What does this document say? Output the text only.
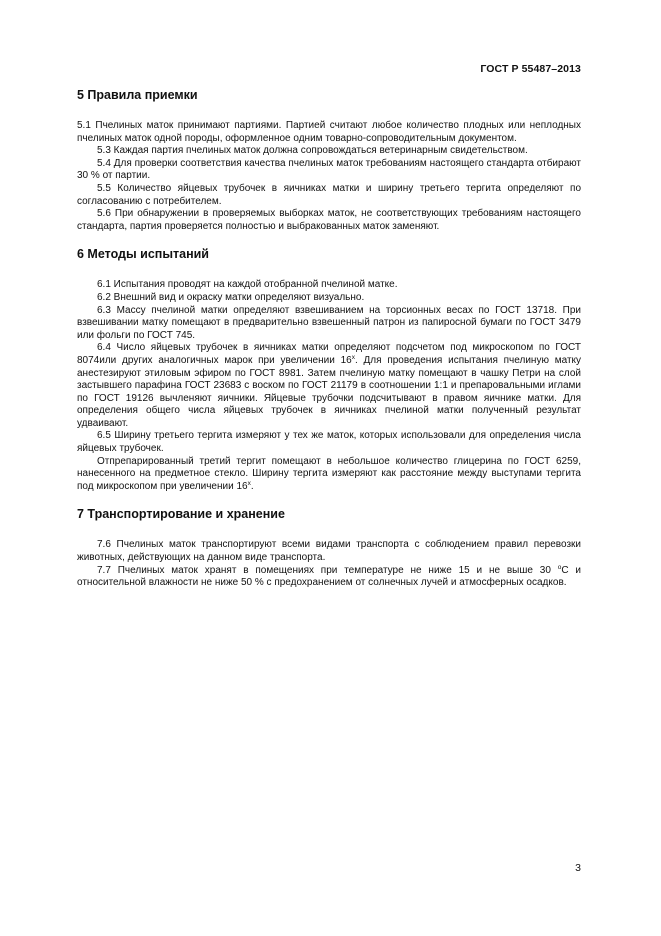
ГОСТ Р 55487–2013
5 Правила приемки

5.1 Пчелиных маток принимают партиями. Партией считают любое количество плодных или неплодных пчелиных маток одной породы, оформленное одним товарно-сопроводительным документом.

5.3 Каждая партия пчелиных маток должна сопровождаться ветеринарным свидетельством.

5.4 Для проверки соответствия качества пчелиных маток требованиям настоящего стандарта отбирают 30 % от партии.

5.5 Количество яйцевых трубочек в яичниках матки и ширину третьего тергита определяют по согласованию с потребителем.

5.6 При обнаружении в проверяемых выборках маток, не соответствующих требованиям настоящего стандарта, партия проверяется полностью и выбракованных маток заменяют.

6 Методы испытаний

6.1 Испытания проводят на каждой отобранной пчелиной матке.

6.2 Внешний вид и окраску матки определяют визуально.

6.3 Массу пчелиной матки определяют взвешиванием на торсионных весах по ГОСТ 13718. При взвешивании матку помещают в предварительно взвешенный патрон из папиросной бумаги по ГОСТ 3479 или фольги по ГОСТ 745.

6.4 Число яйцевых трубочек в яичниках матки определяют подсчетом под микроскопом по ГОСТ 8074или других аналогичных марок при увеличении $16^х$. Для проведения испытания пчелиную матку анестезируют этиловым эфиром по ГОСТ 8981. Затем пчелиную матку помещают в чашку Петри на слой застывшего парафина ГОСТ 23683 с воском по ГОСТ 21179 в соотношении 1:1 и препаровальными иглами по ГОСТ 19126 вычленяют яичники. Яйцевые трубочки подсчитывают в правом яичнике матки. Для определения общего числа яйцевых трубочек в яичниках пчелиной матки полученный результат удваивают.

6.5 Ширину третьего тергита измеряют у тех же маток, которых использовали для определения числа яйцевых трубочек.

Отпрепарированный третий тергит помещают в небольшое количество глицерина по ГОСТ 6259, нанесенного на предметное стекло. Ширину тергита измеряют как расстояние между выступами тергита под микроскопом при увеличении $16^х$.

7 Транспортирование и хранение

7.6 Пчелиных маток транспортируют всеми видами транспорта с соблюдением правил перевозки животных, действующих на данном виде транспорта.

7.7 Пчелиных маток хранят в помещениях при температуре не ниже 15 и не выше 30 $^о$С и относительной влажности не ниже 50 % с предохранением от солнечных лучей и атмосферных осадков.

3
